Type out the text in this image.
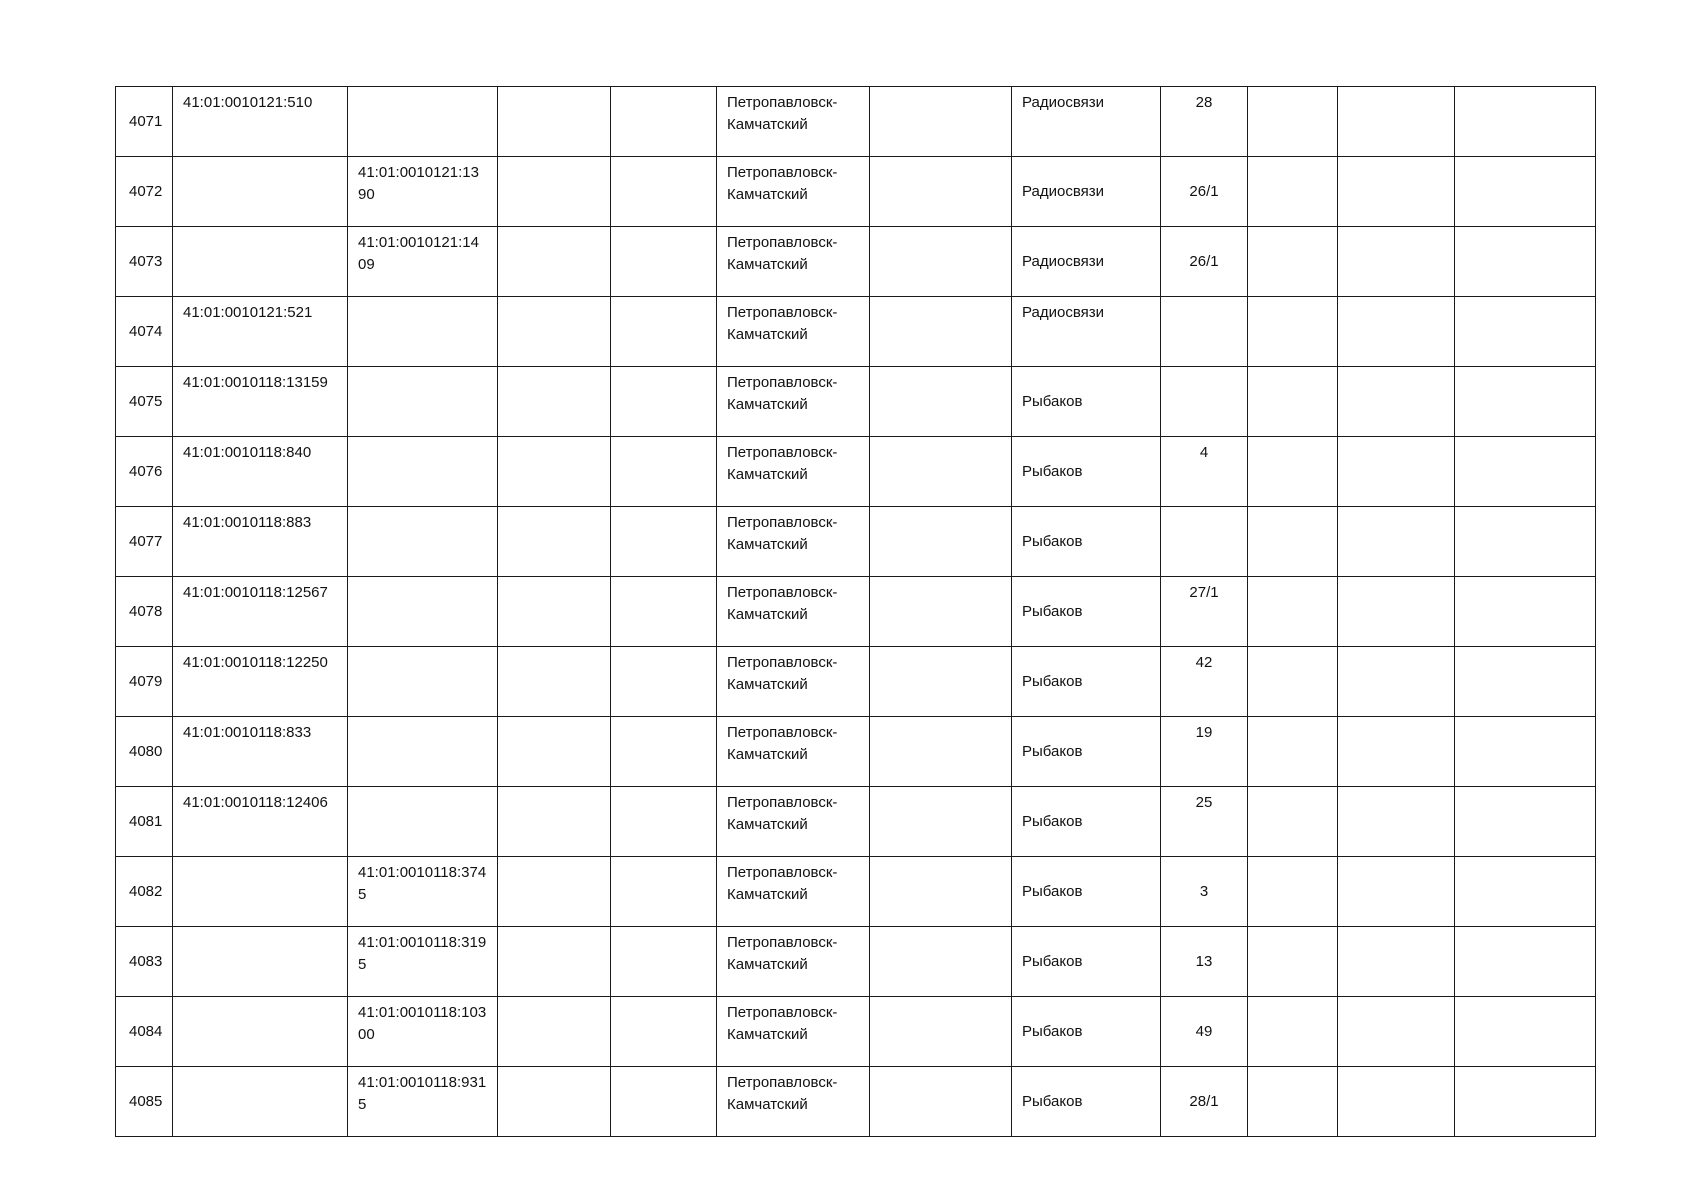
4071	41:01:0010121:510				Петропавловск-Камчатский		Радиосвязи	28			
4072		41:01:0010121:1390			Петропавловск-Камчатский		Радиосвязи	26/1			
4073		41:01:0010121:1409			Петропавловск-Камчатский		Радиосвязи	26/1			
4074	41:01:0010121:521				Петропавловск-Камчатский		Радиосвязи				
4075	41:01:0010118:13159				Петропавловск-Камчатский		Рыбаков				
4076	41:01:0010118:840				Петропавловск-Камчатский		Рыбаков	4			
4077	41:01:0010118:883				Петропавловск-Камчатский		Рыбаков				
4078	41:01:0010118:12567				Петропавловск-Камчатский		Рыбаков	27/1			
4079	41:01:0010118:12250				Петропавловск-Камчатский		Рыбаков	42			
4080	41:01:0010118:833				Петропавловск-Камчатский		Рыбаков	19			
4081	41:01:0010118:12406				Петропавловск-Камчатский		Рыбаков	25			
4082		41:01:0010118:3745			Петропавловск-Камчатский		Рыбаков	3			
4083		41:01:0010118:3195			Петропавловск-Камчатский		Рыбаков	13			
4084		41:01:0010118:10300			Петропавловск-Камчатский		Рыбаков	49			
4085		41:01:0010118:9315			Петропавловск-Камчатский		Рыбаков	28/1			
